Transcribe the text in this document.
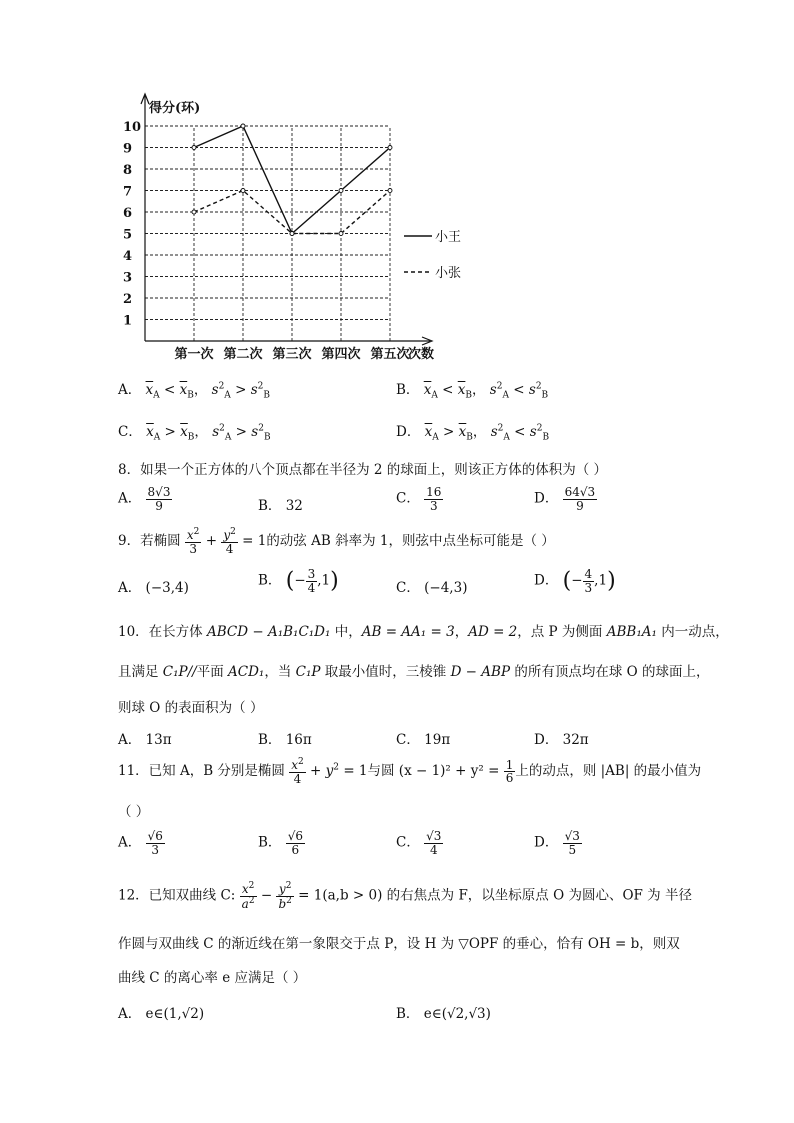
得分(环)
1
2
3
4
5
6
7
8
9
10
第一次 第二次 第三次 第四次 第五次
次数
小王
小张
A． $\overline{x}_A < \overline{x}_B$， $s^2_A > s^2_B$	B． $\overline{x}_A < \overline{x}_B$， $s^2_A < s^2_B$
C． $\overline{x}_A > \overline{x}_B$， $s^2_A > s^2_B$	D． $\overline{x}_A > \overline{x}_B$， $s^2_A < s^2_B$
8．如果一个正方体的八个顶点都在半径为 2 的球面上，则该正方体的体积为（ ）
A． $\frac{8√3}{9}$	B． 32	C． $\frac{16}{3}$	D． $\frac{64√3}{9}$
9．若椭圆 $\frac{x^2}{3} + \frac{y^2}{4} = 1$的动弦 AB 斜率为 1，则弦中点坐标可能是（ ）
A． (−3,4)	B． (− $\frac{3}{4} ,1$)	C． (−4,3)	D． (− $\frac{4}{3} ,1$)
10．在长方体 ABCD − A₁B₁C₁D₁ 中，AB = AA₁ = 3，AD = 2，点 P 为侧面 ABB₁A₁ 内一动点，
且满足 C₁P//平面 ACD₁，当 C₁P 取最小值时，三棱锥 D − ABP 的所有顶点均在球 O 的球面上，
则球 O 的表面积为（ ）
A． 13π	B． 16π	C． 19π	D． 32π
11．已知 A，B 分别是椭圆 $\frac{x^2}{4} + y^2 = 1$与圆 $(x - 1)^2 + y^2 = \frac{1}{6}$ 上的动点，则 |AB| 的最小值为
（ ）
A． $\frac{√6}{3}$	B． $\frac{√6}{6}$	C． $\frac{√3}{4}$	D． $\frac{√3}{5}$
12．已知双曲线 C: $\frac{x^2}{a^2} - \frac{y^2}{b^2} = 1(a,b > 0)$ 的右焦点为 F，以坐标原点 O 为圆心、OF 为 半径
作圆与双曲线 C 的渐近线在第一象限交于点 P，设 H 为 ▽OPF 的垂心，恰有 OH = b，则双
曲线 C 的离心率 e 应满足（ ）
A． e∈(1,√2)	B． e∈(√2,√3)
